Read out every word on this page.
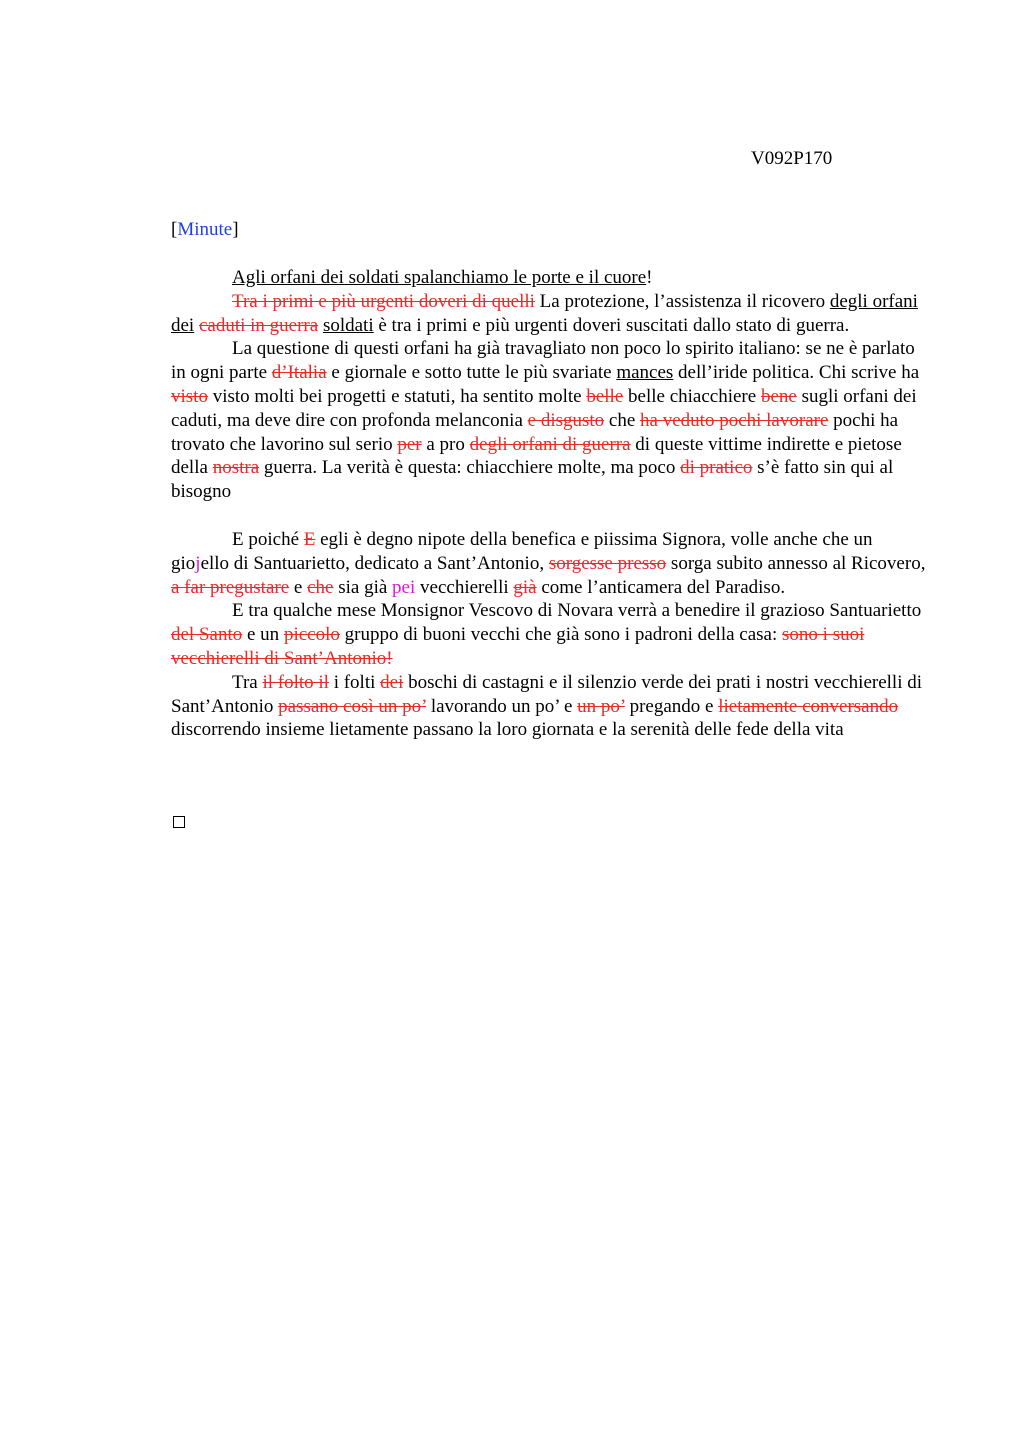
V092P170
[Minute]

Agli orfani dei soldati spalanchiamo le porte e il cuore!

Tra i primi e più urgenti doveri di quelli La protezione, l’assistenza il ricovero degli orfani dei caduti in guerra soldati è tra i primi e più urgenti doveri suscitati dallo stato di guerra.

La questione di questi orfani ha già travagliato non poco lo spirito italiano: se ne è parlato in ogni parte d’Italia e giornale e sotto tutte le più svariate mances dell’iride politica. Chi scrive ha visto visto molti bei progetti e statuti, ha sentito molte belle belle chiacchiere bene sugli orfani dei caduti, ma deve dire con profonda melanconia e disgusto che ha veduto pochi lavorare pochi ha trovato che lavorino sul serio per a pro degli orfani di guerra di queste vittime indirette e pietose della nostra guerra. La verità è questa: chiacchiere molte, ma poco di pratico s’è fatto sin qui al bisogno

E poiché E egli è degno nipote della benefica e piissima Signora, volle anche che un giojello di Santuarietto, dedicato a Sant’Antonio, sorgesse presso sorga subito annesso al Ricovero, a far pregustare e che sia già pei vecchierelli già come l’anticamera del Paradiso.

E tra qualche mese Monsignor Vescovo di Novara verrà a benedire il grazioso Santuarietto del Santo e un piccolo gruppo di buoni vecchi che già sono i padroni della casa: sono i suoi vecchierelli di Sant’Antonio!

Tra il folto il i folti dei boschi di castagni e il silenzio verde dei prati i nostri vecchierelli di Sant’Antonio passano così un po’ lavorando un po’ e un po’ pregando e lietamente conversando discorrendo insieme lietamente passano la loro giornata e la serenità delle fede della vita
